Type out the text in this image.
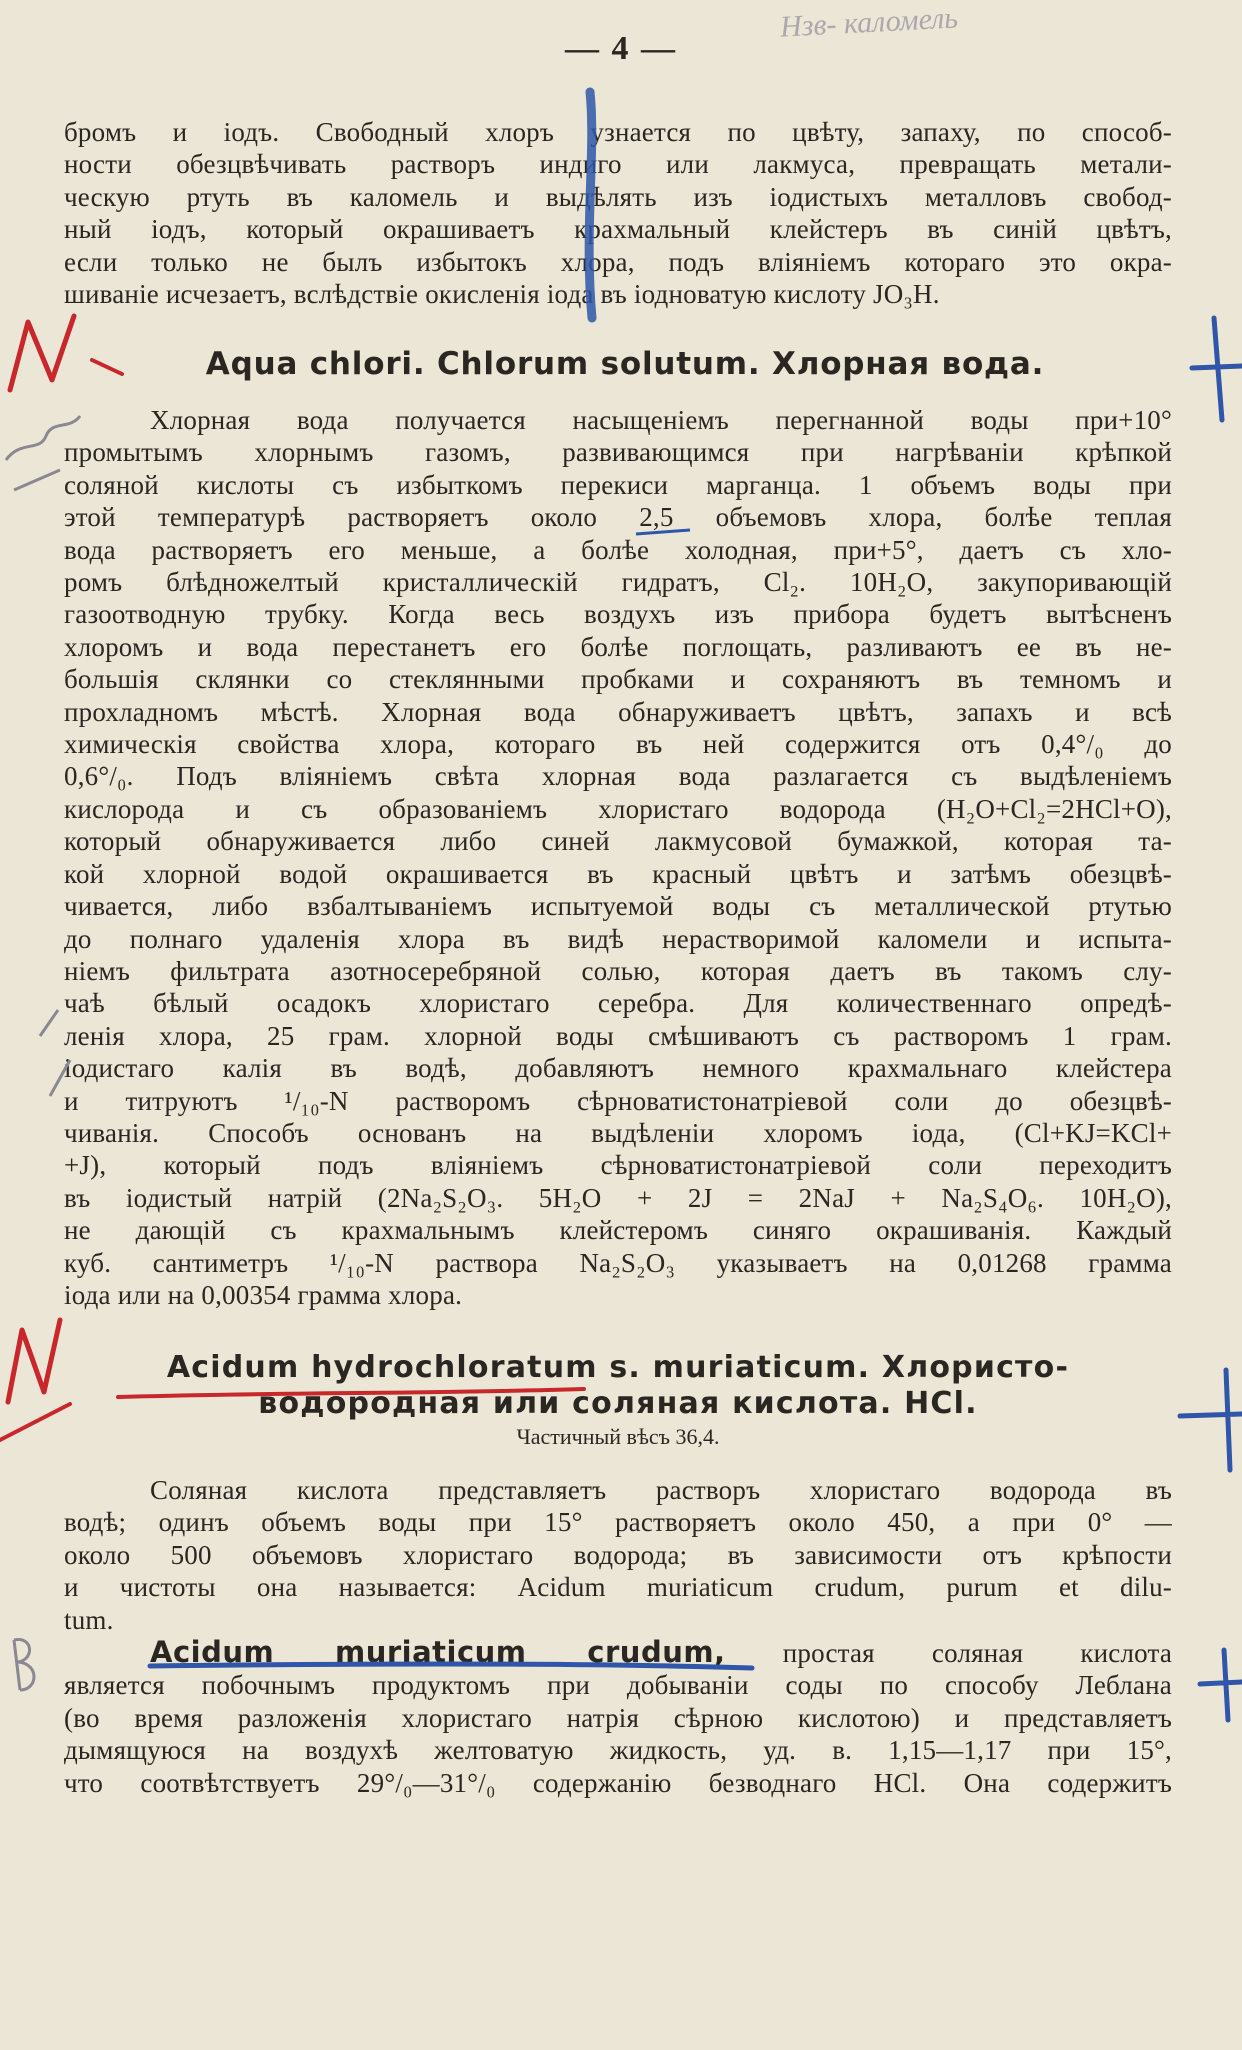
— 4 —
Нзв- каломель

бромъ и іодъ. Свободный хлоръ узнается по цвѣту, запаху, по способ-
ности обезцвѣчивать растворъ индиго или лакмуса, превращать метали-
ческую ртуть въ каломель и выдѣлять изъ іодистыхъ металловъ свобод-
ный іодъ, который окрашиваетъ крахмальный клейстеръ въ синій цвѣтъ,
если только не былъ избытокъ хлора, подъ вліяніемъ котораго это окра-
шиваніе исчезаетъ, вслѣдствіе окисленія іода въ іодноватую кислоту JO₃H.

Aqua chlori. Chlorum solutum. Хлорная вода.

Хлорная вода получается насыщеніемъ перегнанной воды при+10°
промытымъ хлорнымъ газомъ, развивающимся при нагрѣваніи крѣпкой
соляной кислоты съ избыткомъ перекиси марганца. 1 объемъ воды при
этой температурѣ растворяетъ около 2,5 объемовъ хлора, болѣе теплая
вода растворяетъ его меньше, а болѣе холодная, при+5°, даетъ съ хло-
ромъ блѣдножелтый кристаллическій гидратъ, Cl₂. 10H₂O, закупоривающій
газоотводную трубку. Когда весь воздухъ изъ прибора будетъ вытѣсненъ
хлоромъ и вода перестанетъ его болѣе поглощать, разливаютъ ее въ не-
большія склянки со стеклянными пробками и сохраняютъ въ темномъ и
прохладномъ мѣстѣ. Хлорная вода обнаруживаетъ цвѣтъ, запахъ и всѣ
химическія свойства хлора, котораго въ ней содержится отъ 0,4°/₀ до
0,6°/₀. Подъ вліяніемъ свѣта хлорная вода разлагается съ выдѣленіемъ
кислорода и съ образованіемъ хлористаго водорода (H₂O+Cl₂=2HCl+O),
который обнаруживается либо синей лакмусовой бумажкой, которая та-
кой хлорной водой окрашивается въ красный цвѣтъ и затѣмъ обезцвѣ-
чивается, либо взбалтываніемъ испытуемой воды съ металлической ртутью
до полнаго удаленія хлора въ видѣ нерастворимой каломели и испыта-
ніемъ фильтрата азотносеребряной солью, которая даетъ въ такомъ слу-
чаѣ бѣлый осадокъ хлористаго серебра. Для количественнаго опредѣ-
ленія хлора, 25 грам. хлорной воды смѣшиваютъ съ растворомъ 1 грам.
іодистаго калія въ водѣ, добавляютъ немного крахмальнаго клейстера
и титруютъ ¹/₁₀-N растворомъ сѣрноватистонатріевой соли до обезцвѣ-
чиванія. Способъ основанъ на выдѣленіи хлоромъ іода, (Cl+KJ=KCl+
+J), который подъ вліяніемъ сѣрноватистонатріевой соли переходитъ
въ іодистый натрій (2Na₂S₂O₃. 5H₂O + 2J = 2NaJ + Na₂S₄O₆. 10H₂O),
не дающій съ крахмальнымъ клейстеромъ синяго окрашиванія. Каждый
куб. сантиметръ ¹/₁₀-N раствора Na₂S₂O₃ указываетъ на 0,01268 грамма
іода или на 0,00354 грамма хлора.

Acidum hydrochloratum s. muriaticum. Хлористо-

водородная или соляная кислота. HCl.

Частичный вѣсъ 36,4.

Соляная кислота представляетъ растворъ хлористаго водорода въ
водѣ; одинъ объемъ воды при 15° растворяетъ около 450, а при 0° —
около 500 объемовъ хлористаго водорода; въ зависимости отъ крѣпости
и чистоты она называется: Acidum muriaticum crudum, purum et dilu-
tum.

Acidum muriaticum crudum, простая соляная кислота
является побочнымъ продуктомъ при добываніи соды по способу Леблана
(во время разложенія хлористаго натрія сѣрною кислотою) и представляетъ
дымящуюся на воздухѣ желтоватую жидкость, уд. в. 1,15—1,17 при 15°,
что соотвѣтствуетъ 29°/₀—31°/₀ содержанію безводнаго HCl. Она содержитъ
